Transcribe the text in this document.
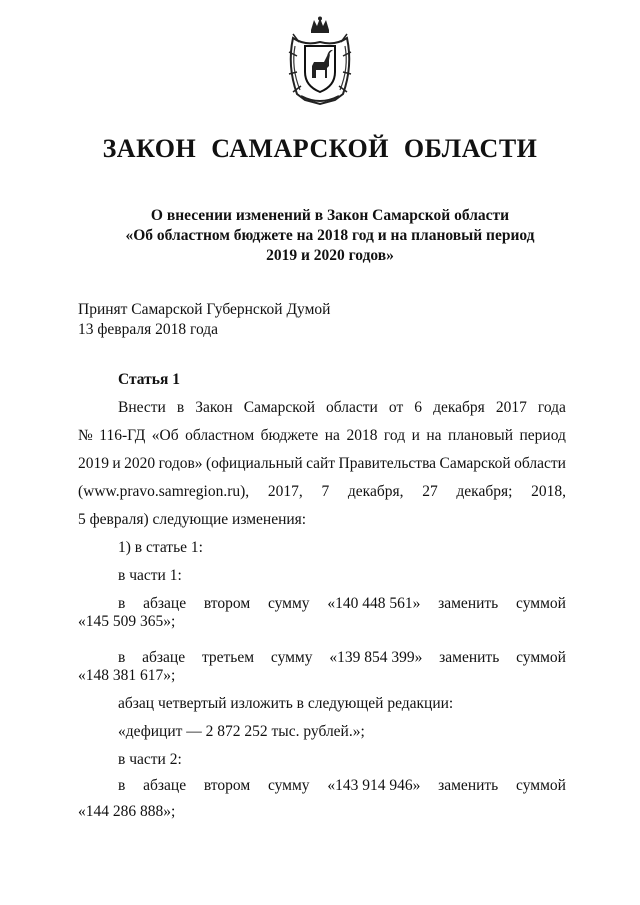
ЗАКОН САМАРСКОЙ ОБЛАСТИ
О внесении изменений в Закон Самарской области
«Об областном бюджете на 2018 год и на плановый период
2019 и 2020 годов»
Принят Самарской Губернской Думой
13 февраля 2018 года
Статья 1
Внести в Закон Самарской области от 6 декабря 2017 года
№ 116-ГД «Об областном бюджете на 2018 год и на плановый период
2019 и 2020 годов» (официальный сайт Правительства Самарской области
(www.pravo.samregion.ru), 2017, 7 декабря, 27 декабря; 2018,
5 февраля) следующие изменения:
1) в статье 1:
в части 1:
в абзаце втором сумму «140 448 561» заменить суммой
«145 509 365»;
в абзаце третьем сумму «139 854 399» заменить суммой
«148 381 617»;
абзац четвертый изложить в следующей редакции:
«дефицит — 2 872 252 тыс. рублей.»;
в части 2:
в абзаце втором сумму «143 914 946» заменить суммой
«144 286 888»;
